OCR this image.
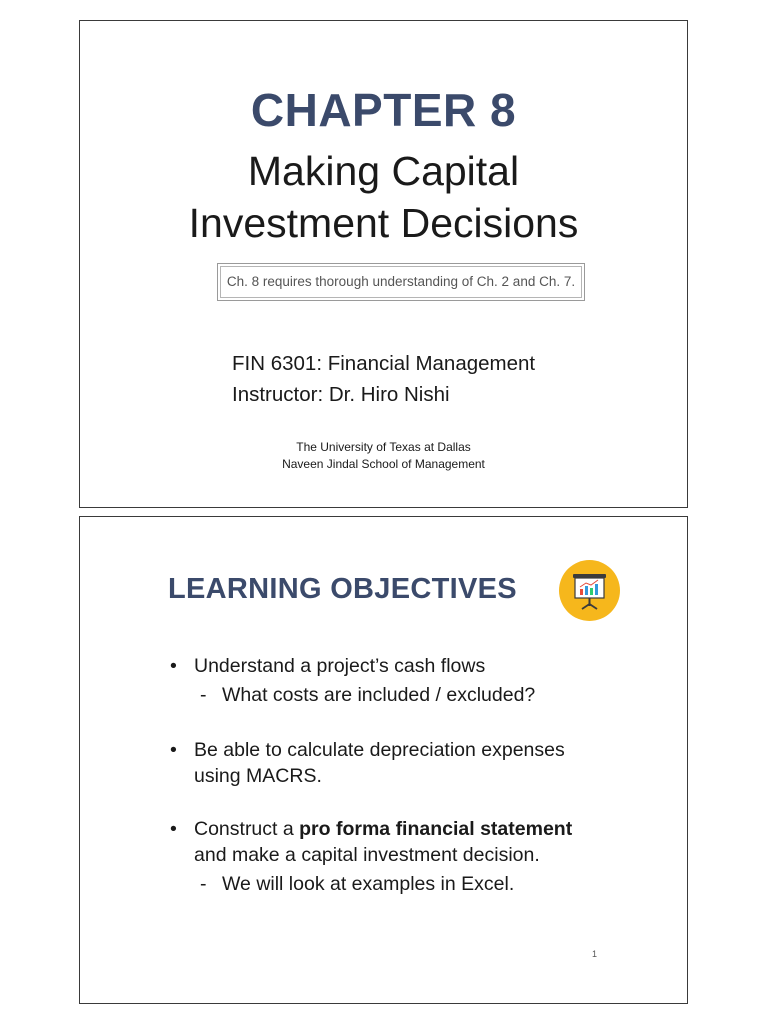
CHAPTER 8
Making Capital
Investment Decisions
Ch. 8 requires thorough understanding of Ch. 2 and Ch. 7.
FIN 6301: Financial Management
Instructor: Dr. Hiro Nishi
The University of Texas at Dallas
Naveen Jindal School of Management
LEARNING OBJECTIVES
• Understand a project’s cash flows
- What costs are included / excluded?
• Be able to calculate depreciation expenses
using MACRS.
• Construct a pro forma financial statement
and make a capital investment decision.
- We will look at examples in Excel.
1
